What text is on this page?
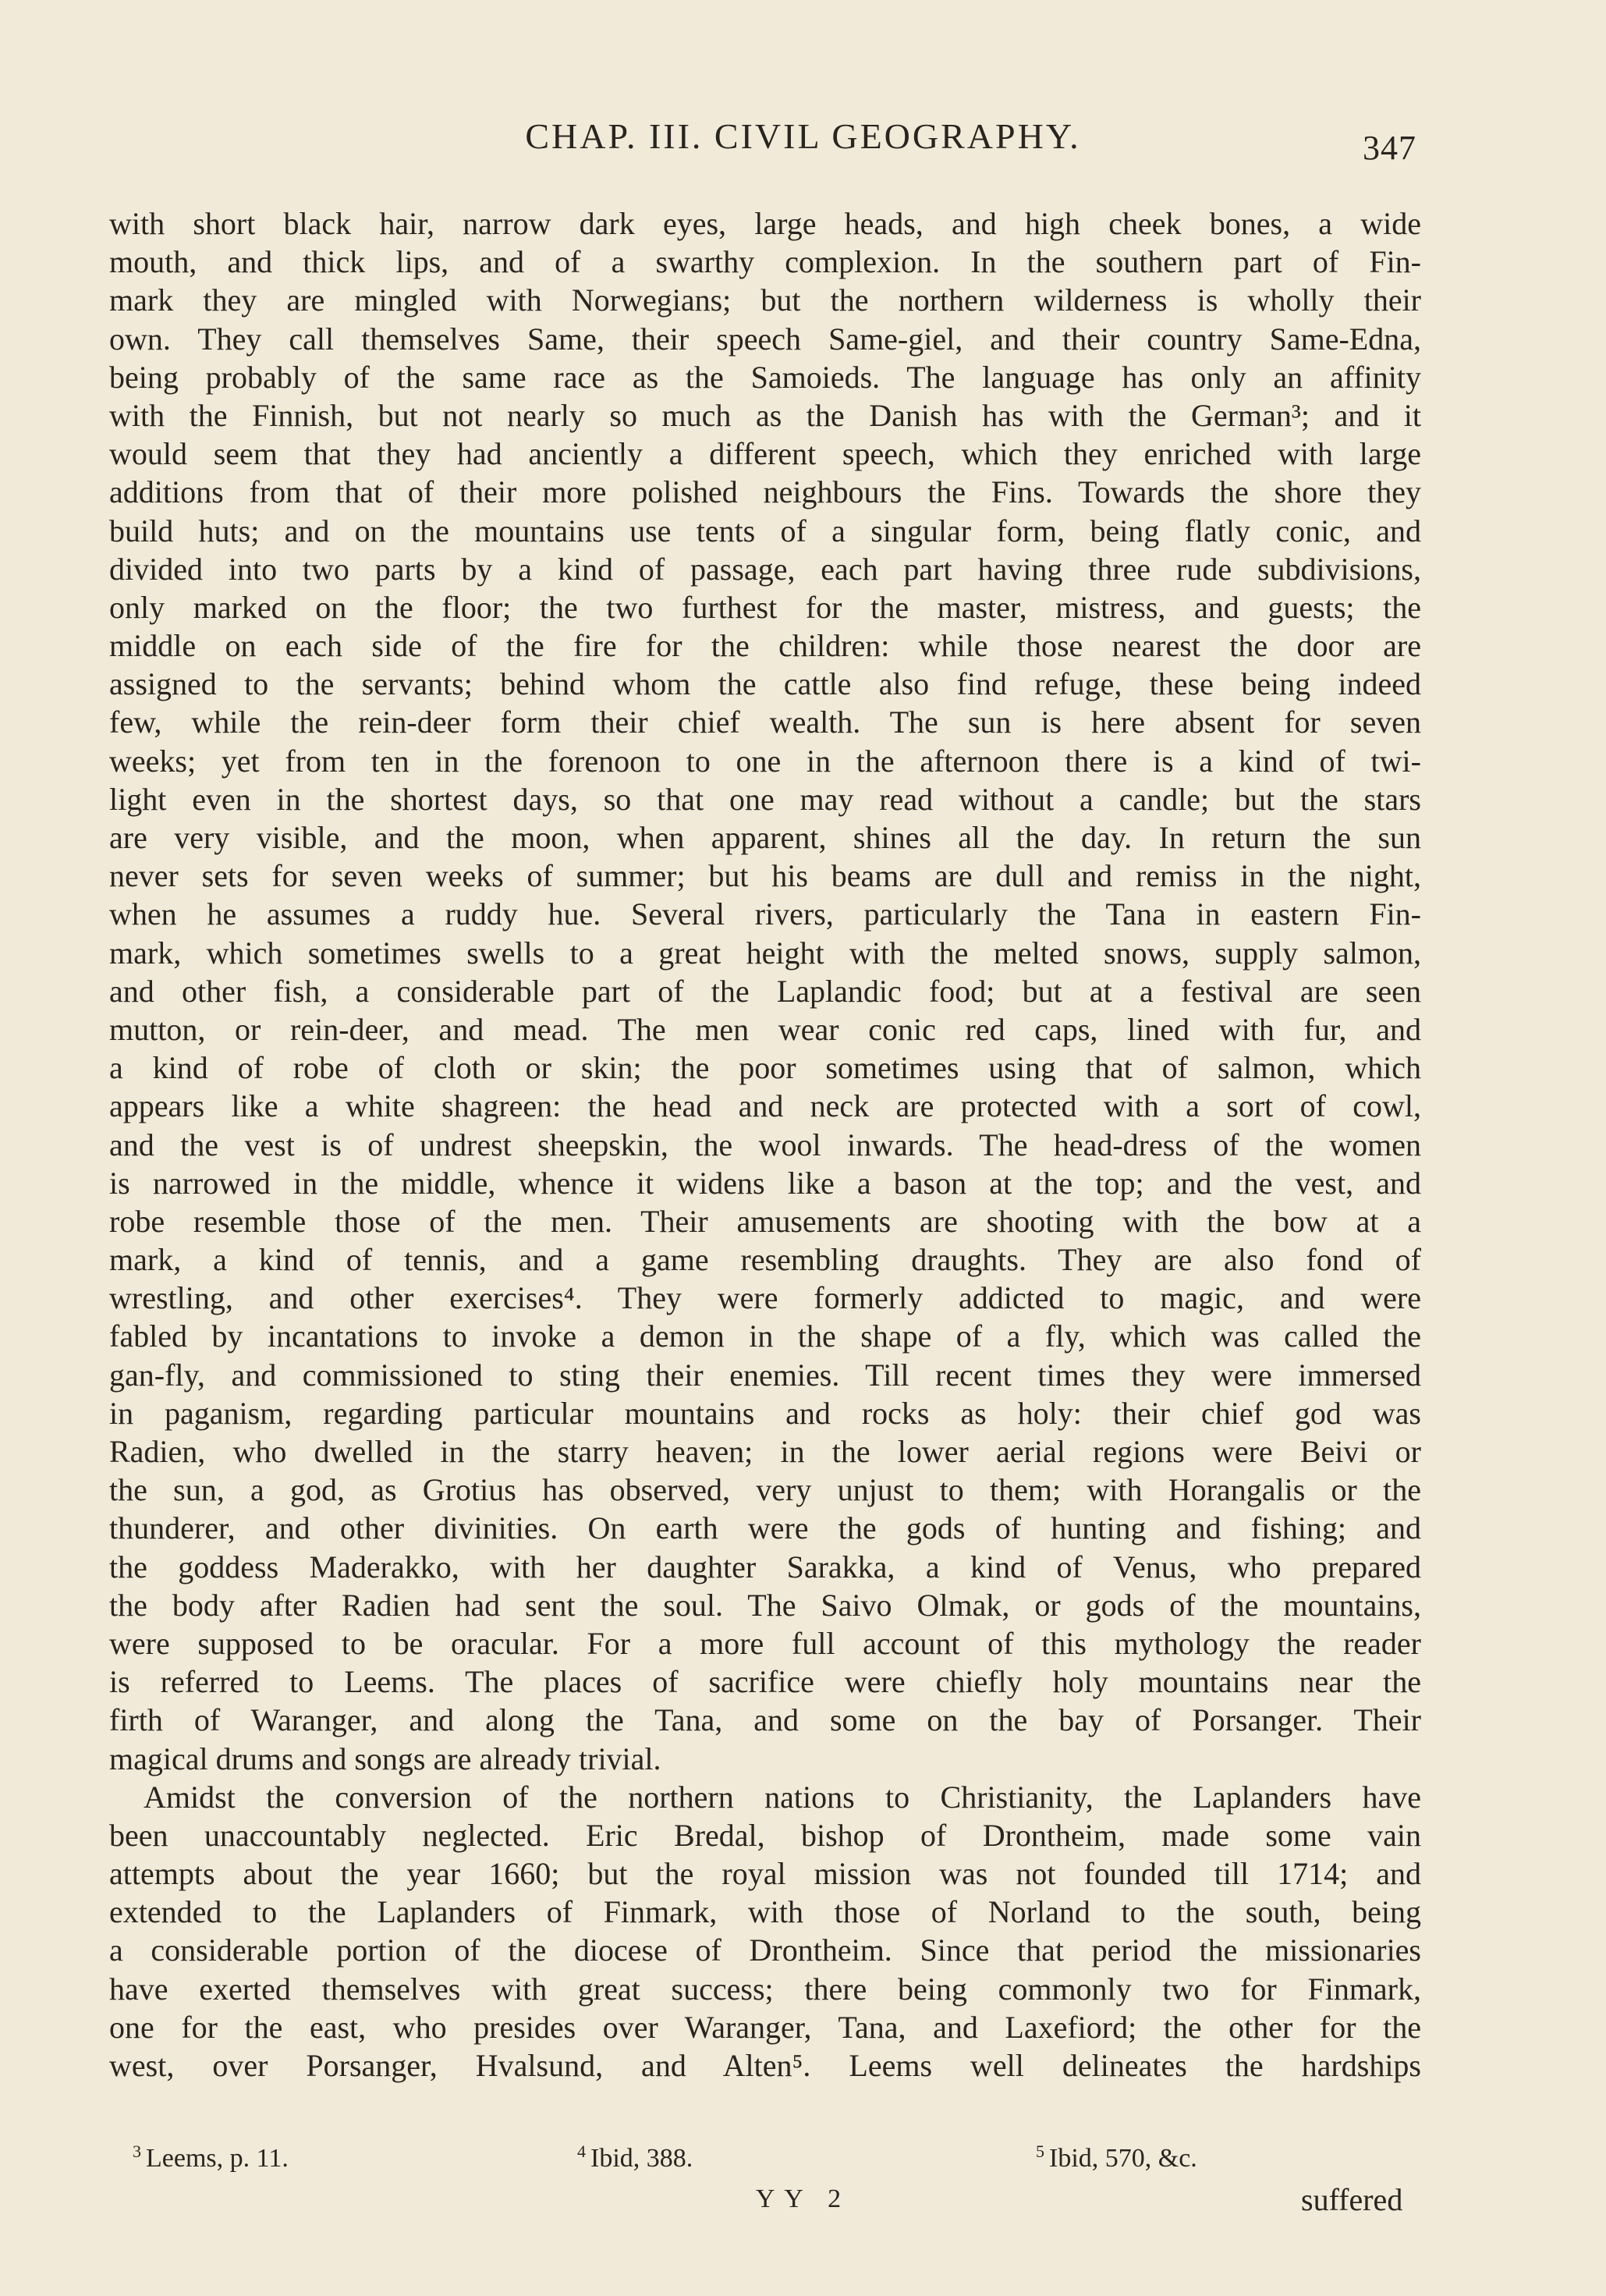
CHAP. III. CIVIL GEOGRAPHY.	347
with short black hair, narrow dark eyes, large heads, and high cheek bones, a wide
mouth, and thick lips, and of a swarthy complexion. In the southern part of Fin-
mark they are mingled with Norwegians; but the northern wilderness is wholly their
own. They call themselves Same, their speech Same-giel, and their country Same-Edna,
being probably of the same race as the Samoieds. The language has only an affinity
with the Finnish, but not nearly so much as the Danish has with the German³; and it
would seem that they had anciently a different speech, which they enriched with large
additions from that of their more polished neighbours the Fins. Towards the shore they
build huts; and on the mountains use tents of a singular form, being flatly conic, and
divided into two parts by a kind of passage, each part having three rude subdivisions,
only marked on the floor; the two furthest for the master, mistress, and guests; the
middle on each side of the fire for the children: while those nearest the door are
assigned to the servants; behind whom the cattle also find refuge, these being indeed
few, while the rein-deer form their chief wealth. The sun is here absent for seven
weeks; yet from ten in the forenoon to one in the afternoon there is a kind of twi-
light even in the shortest days, so that one may read without a candle; but the stars
are very visible, and the moon, when apparent, shines all the day. In return the sun
never sets for seven weeks of summer; but his beams are dull and remiss in the night,
when he assumes a ruddy hue. Several rivers, particularly the Tana in eastern Fin-
mark, which sometimes swells to a great height with the melted snows, supply salmon,
and other fish, a considerable part of the Laplandic food; but at a festival are seen
mutton, or rein-deer, and mead. The men wear conic red caps, lined with fur, and
a kind of robe of cloth or skin; the poor sometimes using that of salmon, which
appears like a white shagreen: the head and neck are protected with a sort of cowl,
and the vest is of undrest sheepskin, the wool inwards. The head-dress of the women
is narrowed in the middle, whence it widens like a bason at the top; and the vest, and
robe resemble those of the men. Their amusements are shooting with the bow at a
mark, a kind of tennis, and a game resembling draughts. They are also fond of
wrestling, and other exercises⁴. They were formerly addicted to magic, and were
fabled by incantations to invoke a demon in the shape of a fly, which was called the
gan-fly, and commissioned to sting their enemies. Till recent times they were immersed
in paganism, regarding particular mountains and rocks as holy: their chief god was
Radien, who dwelled in the starry heaven; in the lower aerial regions were Beivi or
the sun, a god, as Grotius has observed, very unjust to them; with Horangalis or the
thunderer, and other divinities. On earth were the gods of hunting and fishing; and
the goddess Maderakko, with her daughter Sarakka, a kind of Venus, who prepared
the body after Radien had sent the soul. The Saivo Olmak, or gods of the mountains,
were supposed to be oracular. For a more full account of this mythology the reader
is referred to Leems. The places of sacrifice were chiefly holy mountains near the
firth of Waranger, and along the Tana, and some on the bay of Porsanger. Their
magical drums and songs are already trivial.
Amidst the conversion of the northern nations to Christianity, the Laplanders have
been unaccountably neglected. Eric Bredal, bishop of Drontheim, made some vain
attempts about the year 1660; but the royal mission was not founded till 1714; and
extended to the Laplanders of Finmark, with those of Norland to the south, being
a considerable portion of the diocese of Drontheim. Since that period the missionaries
have exerted themselves with great success; there being commonly two for Finmark,
one for the east, who presides over Waranger, Tana, and Laxefiord; the other for the
west, over Porsanger, Hvalsund, and Alten⁵. Leems well delineates the hardships
$^3$ Leems, p. 11.	$^4$ Ibid, 388.	$^5$ Ibid, 570, &c.
YY 2	suffered
